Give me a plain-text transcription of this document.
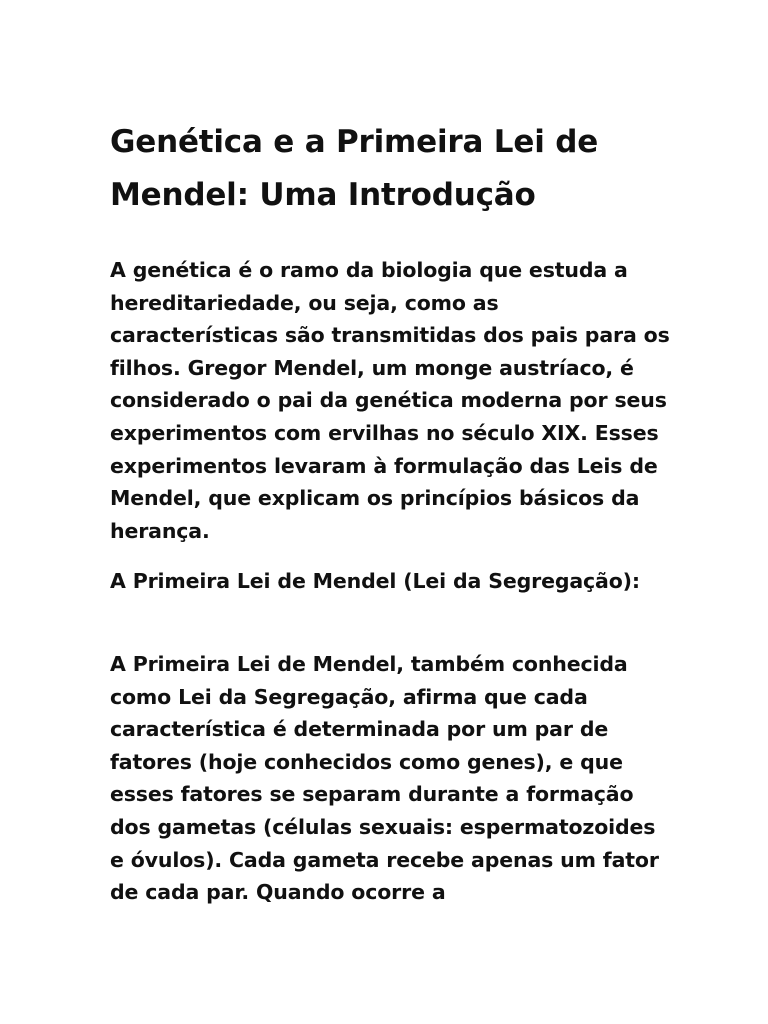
Genética e a Primeira Lei de Mendel: Uma Introdução

A genética é o ramo da biologia que estuda a hereditariedade, ou seja, como as características são transmitidas dos pais para os filhos. Gregor Mendel, um monge austríaco, é considerado o pai da genética moderna por seus experimentos com ervilhas no século XIX. Esses experimentos levaram à formulação das Leis de Mendel, que explicam os princípios básicos da herança.

A Primeira Lei de Mendel (Lei da Segregação):

A Primeira Lei de Mendel, também conhecida como Lei da Segregação, afirma que cada característica é determinada por um par de fatores (hoje conhecidos como genes), e que esses fatores se separam durante a formação dos gametas (células sexuais: espermatozoides e óvulos). Cada gameta recebe apenas um fator de cada par. Quando ocorre a
